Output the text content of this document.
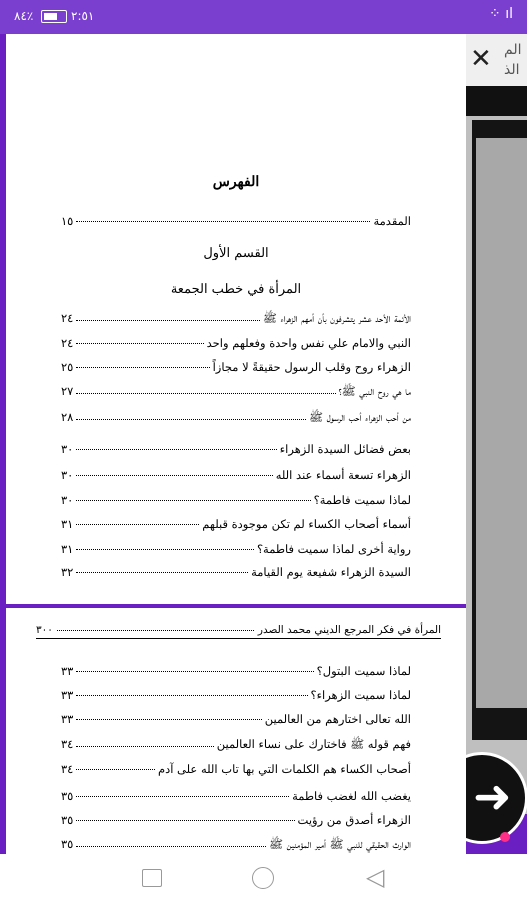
٢:٥١  ٪٨٤	⁘ ıl
✕ الم
الذ
➜
الفهرس
المقدمة
١٥
القسم الأول
المرأة في خطب الجمعة
الأئمة الأحد عشر يتشرفون بأن أمهم الزهراء ﷺ
٢٤
النبي والامام علي نفس واحدة وفعلهم واحد
٢٤
الزهراء روح وقلب الرسول حقيقةً لا مجازاً
٢٥
ما هي روح النبي ﷺ؟
٢٧
من أحب الزهراء أحب الرسول ﷺ
٢٨
بعض فضائل السيدة الزهراء
٣٠
الزهراء تسعة أسماء عند الله
٣٠
لماذا سميت فاطمة؟
٣٠
أسماء أصحاب الكساء لم تكن موجودة قبلهم
٣١
رواية أخرى لماذا سميت فاطمة؟
٣١
السيدة الزهراء شفيعة يوم القيامة
٣٢
المرأة في فكر المرجع الديني محمد الصدر
٣٠٠
لماذا سميت البتول؟
٣٣
لماذا سميت الزهراء؟
٣٣
الله تعالى اختارهم من العالمين
٣٣
فهم قوله ﷺ فاختارك على نساء العالمين
٣٤
أصحاب الكساء هم الكلمات التي بها تاب الله على آدم
٣٤
يغضب الله لغضب فاطمة
٣٥
الزهراء أصدق من رؤيت
٣٥
الوارث الحقيقي للنبي ﷺ أمير المؤمنين ﷺ
٣٥
◁
